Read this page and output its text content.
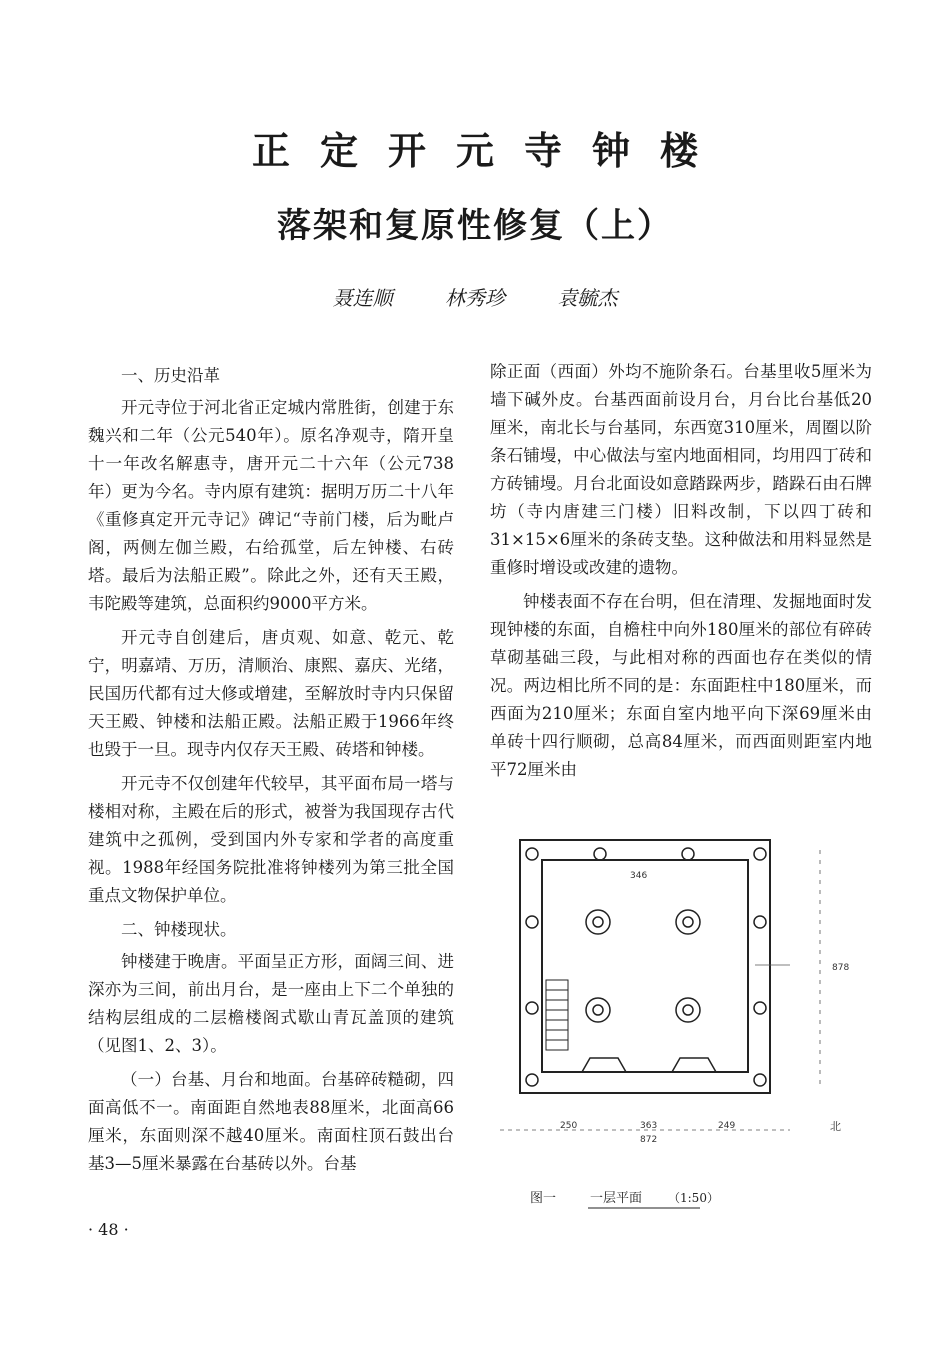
正定开元寺钟楼
落架和复原性修复（上）
聂连顺	林秀珍	袁毓杰
一、历史沿革

开元寺位于河北省正定城内常胜街，创建于东魏兴和二年（公元540年）。原名净观寺，隋开皇十一年改名解惠寺，唐开元二十六年（公元738年）更为今名。寺内原有建筑：据明万历二十八年《重修真定开元寺记》碑记“寺前门楼，后为毗卢阁，两侧左伽兰殿，右给孤堂，后左钟楼、右砖塔。最后为法船正殿”。除此之外，还有天王殿，韦陀殿等建筑，总面积约9000平方米。

开元寺自创建后，唐贞观、如意、乾元、乾宁，明嘉靖、万历，清顺治、康熙、嘉庆、光绪，民国历代都有过大修或增建，至解放时寺内只保留天王殿、钟楼和法船正殿。法船正殿于1966年终也毁于一旦。现寺内仅存天王殿、砖塔和钟楼。

开元寺不仅创建年代较早，其平面布局一塔与楼相对称，主殿在后的形式，被誉为我国现存古代建筑中之孤例，受到国内外专家和学者的高度重视。1988年经国务院批准将钟楼列为第三批全国重点文物保护单位。

二、钟楼现状。

钟楼建于晚唐。平面呈正方形，面阔三间、进深亦为三间，前出月台，是一座由上下二个单独的结构层组成的二层檐楼阁式歇山青瓦盖顶的建筑（见图1、2、3）。

（一）台基、月台和地面。台基碎砖糙砌，四面高低不一。南面距自然地表88厘米，北面高66厘米，东面则深不越40厘米。南面柱顶石鼓出台基3—5厘米暴露在台基砖以外。台基

除正面（西面）外均不施阶条石。台基里收5厘米为墙下碱外皮。台基西面前设月台，月台比台基低20厘米，南北长与台基同，东西宽310厘米，周圈以阶条石铺墁，中心做法与室内地面相同，均用四丁砖和方砖铺墁。月台北面设如意踏跺两步，踏跺石由石牌坊（寺内唐建三门楼）旧料改制，下以四丁砖和31×15×6厘米的条砖支垫。这种做法和用料显然是重修时增设或改建的遗物。

钟楼表面不存在台明，但在清理、发掘地面时发现钟楼的东面，自檐柱中向外180厘米的部位有碎砖草砌基础三段，与此相对称的西面也存在类似的情况。两边相比所不同的是：东面距柱中180厘米，而西面为210厘米；东面自室内地平向下深69厘米由单砖十四行顺砌，总高84厘米，而西面则距室内地平72厘米由

346
250	363	249
872
878
北
图一	一层平面 （1:50）
· 48 ·
